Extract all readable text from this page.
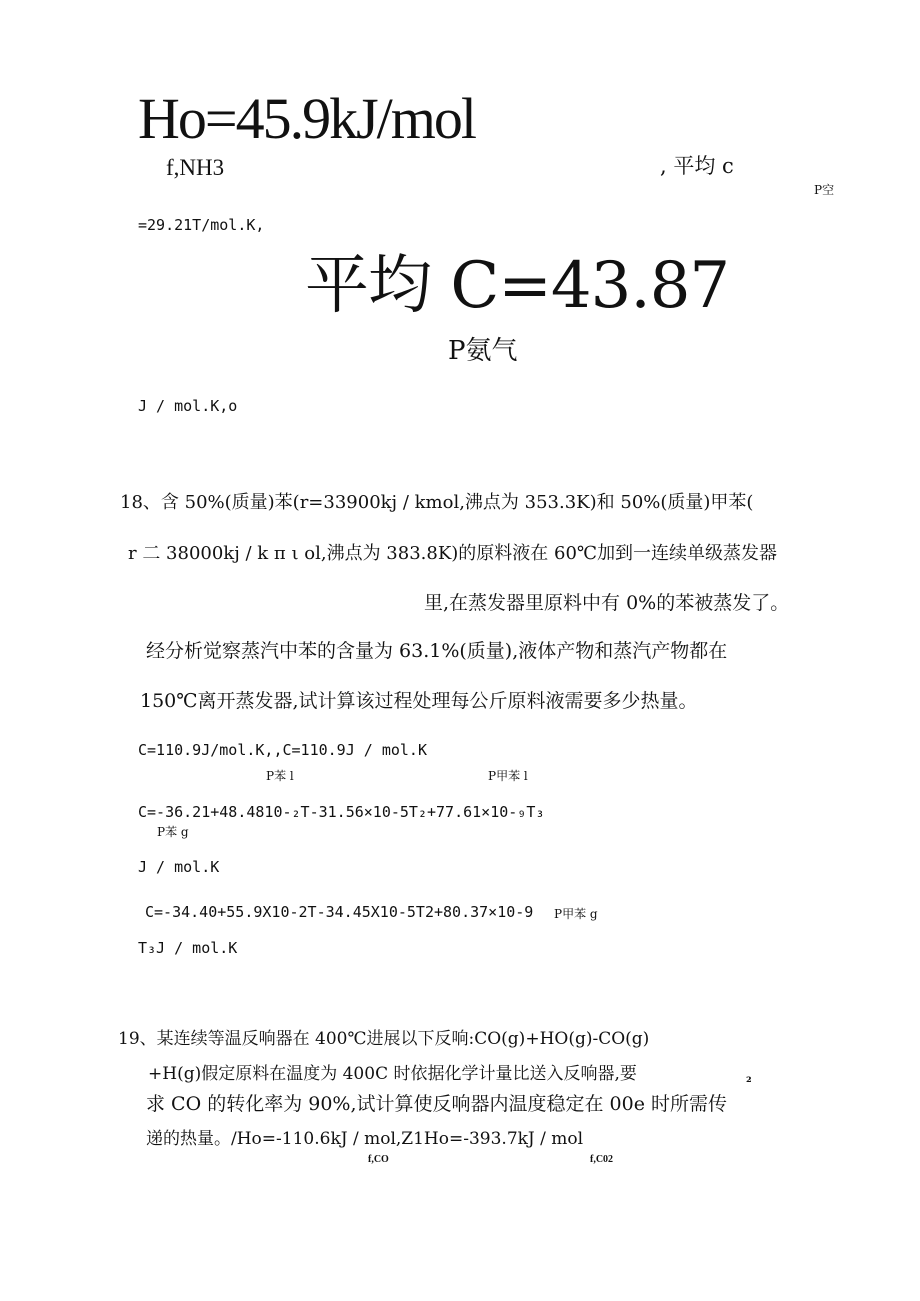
Ho=45.9kJ/mol
f,NH3	, 平均 c
P空
=29.21T/mol.K,
平均 C=43.87
P氨气
J / mol.K,o
18、含 50%(质量)苯(r=33900kj / kmol,沸点为 353.3K)和 50%(质量)甲苯(
r 二 38000kj / k π ι ol,沸点为 383.8K)的原料液在 60℃加到一连续单级蒸发器
里,在蒸发器里原料中有 0%的苯被蒸发了。
经分析觉察蒸汽中苯的含量为 63.1%(质量),液体产物和蒸汽产物都在
150℃离开蒸发器,试计算该过程处理每公斤原料液需要多少热量。
C=110.9J/mol.K,,C=110.9J / mol.K
P苯 l	P甲苯 l
C=-36.21+48.4810-₂T-31.56×10-5T₂+77.61×10-₉T₃
P苯 g
J / mol.K
C=-34.40+55.9X10-2T-34.45X10-5T2+80.37×10-9 P甲苯 g
T₃J / mol.K
19、某连续等温反响器在 400℃进展以下反响:CO(g)+HO(g)-CO(g)
+H(g)假定原料在温度为 400C 时依据化学计量比送入反响器,要	₂
求 CO 的转化率为 90%,试计算使反响器内温度稳定在 00e 时所需传
递的热量。/Ho=-110.6kJ / mol,Z1Ho=-393.7kJ / mol
f,CO	f,C02
